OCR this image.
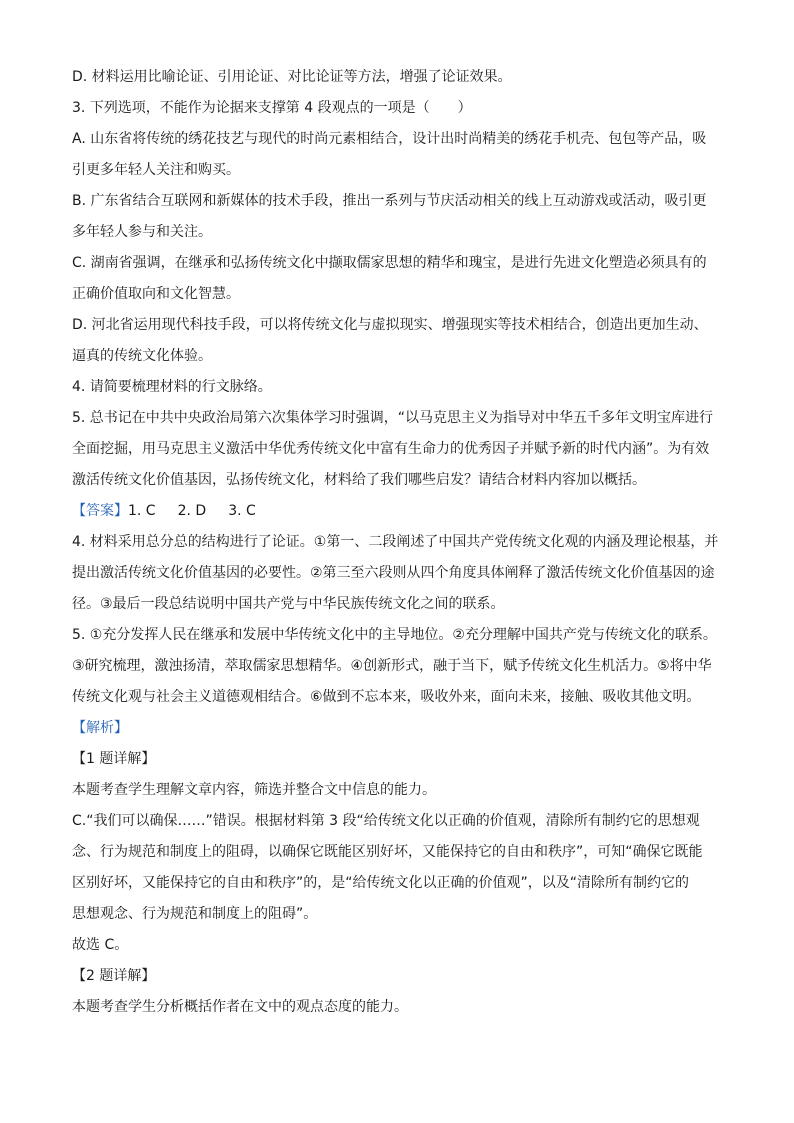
D. 材料运用比喻论证、引用论证、对比论证等方法，增强了论证效果。
3. 下列选项，不能作为论据来支撑第 4 段观点的一项是（　　）
A. 山东省将传统的绣花技艺与现代的时尚元素相结合，设计出时尚精美的绣花手机壳、包包等产品，吸
引更多年轻人关注和购买。
B. 广东省结合互联网和新媒体的技术手段，推出一系列与节庆活动相关的线上互动游戏或活动，吸引更
多年轻人参与和关注。
C. 湖南省强调，在继承和弘扬传统文化中撷取儒家思想的精华和瑰宝，是进行先进文化塑造必须具有的
正确价值取向和文化智慧。
D. 河北省运用现代科技手段，可以将传统文化与虚拟现实、增强现实等技术相结合，创造出更加生动、
逼真的传统文化体验。
4. 请简要梳理材料的行文脉络。
5. 总书记在中共中央政治局第六次集体学习时强调，“以马克思主义为指导对中华五千多年文明宝库进行
全面挖掘，用马克思主义激活中华优秀传统文化中富有生命力的优秀因子并赋予新的时代内涵”。为有效
激活传统文化价值基因，弘扬传统文化，材料给了我们哪些启发？请结合材料内容加以概括。
【答案】1. C 2. D 3. C
4. 材料采用总分总的结构进行了论证。①第一、二段阐述了中国共产党传统文化观的内涵及理论根基，并
提出激活传统文化价值基因的必要性。②第三至六段则从四个角度具体阐释了激活传统文化价值基因的途
径。③最后一段总结说明中国共产党与中华民族传统文化之间的联系。
5. ①充分发挥人民在继承和发展中华传统文化中的主导地位。②充分理解中国共产党与传统文化的联系。
③研究梳理，激浊扬清，萃取儒家思想精华。④创新形式，融于当下，赋予传统文化生机活力。⑤将中华
传统文化观与社会主义道德观相结合。⑥做到不忘本来，吸收外来，面向未来，接触、吸收其他文明。
【解析】
【1 题详解】
本题考查学生理解文章内容，筛选并整合文中信息的能力。
C.“我们可以确保……”错误。根据材料第 3 段“给传统文化以正确的价值观，清除所有制约它的思想观
念、行为规范和制度上的阻碍，以确保它既能区别好坏，又能保持它的自由和秩序”，可知“确保它既能
区别好坏，又能保持它的自由和秩序”的，是“给传统文化以正确的价值观”，以及“清除所有制约它的
思想观念、行为规范和制度上的阻碍”。
故选 C。
【2 题详解】
本题考查学生分析概括作者在文中的观点态度的能力。
